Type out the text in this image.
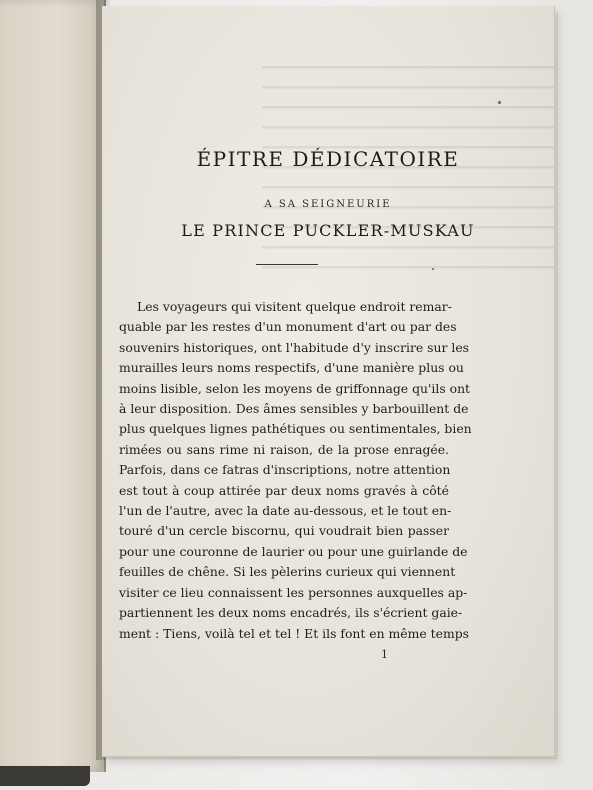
ÉPITRE DÉDICATOIRE
A SA SEIGNEURIE
LE PRINCE PUCKLER-MUSKAU
Les voyageurs qui visitent quelque endroit remar-
quable par les restes d'un monument d'art ou par des
souvenirs historiques, ont l'habitude d'y inscrire sur les
murailles leurs noms respectifs, d'une manière plus ou
moins lisible, selon les moyens de griffonnage qu'ils ont
à leur disposition. Des âmes sensibles y barbouillent de
plus quelques lignes pathétiques ou sentimentales, bien
rimées ou sans rime ni raison, de la prose enragée.
Parfois, dans ce fatras d'inscriptions, notre attention
est tout à coup attirée par deux noms gravés à côté
l'un de l'autre, avec la date au-dessous, et le tout en-
touré d'un cercle biscornu, qui voudrait bien passer
pour une couronne de laurier ou pour une guirlande de
feuilles de chêne. Si les pèlerins curieux qui viennent
visiter ce lieu connaissent les personnes auxquelles ap-
partiennent les deux noms encadrés, ils s'écrient gaie-
ment : Tiens, voilà tel et tel ! Et ils font en même temps
1
